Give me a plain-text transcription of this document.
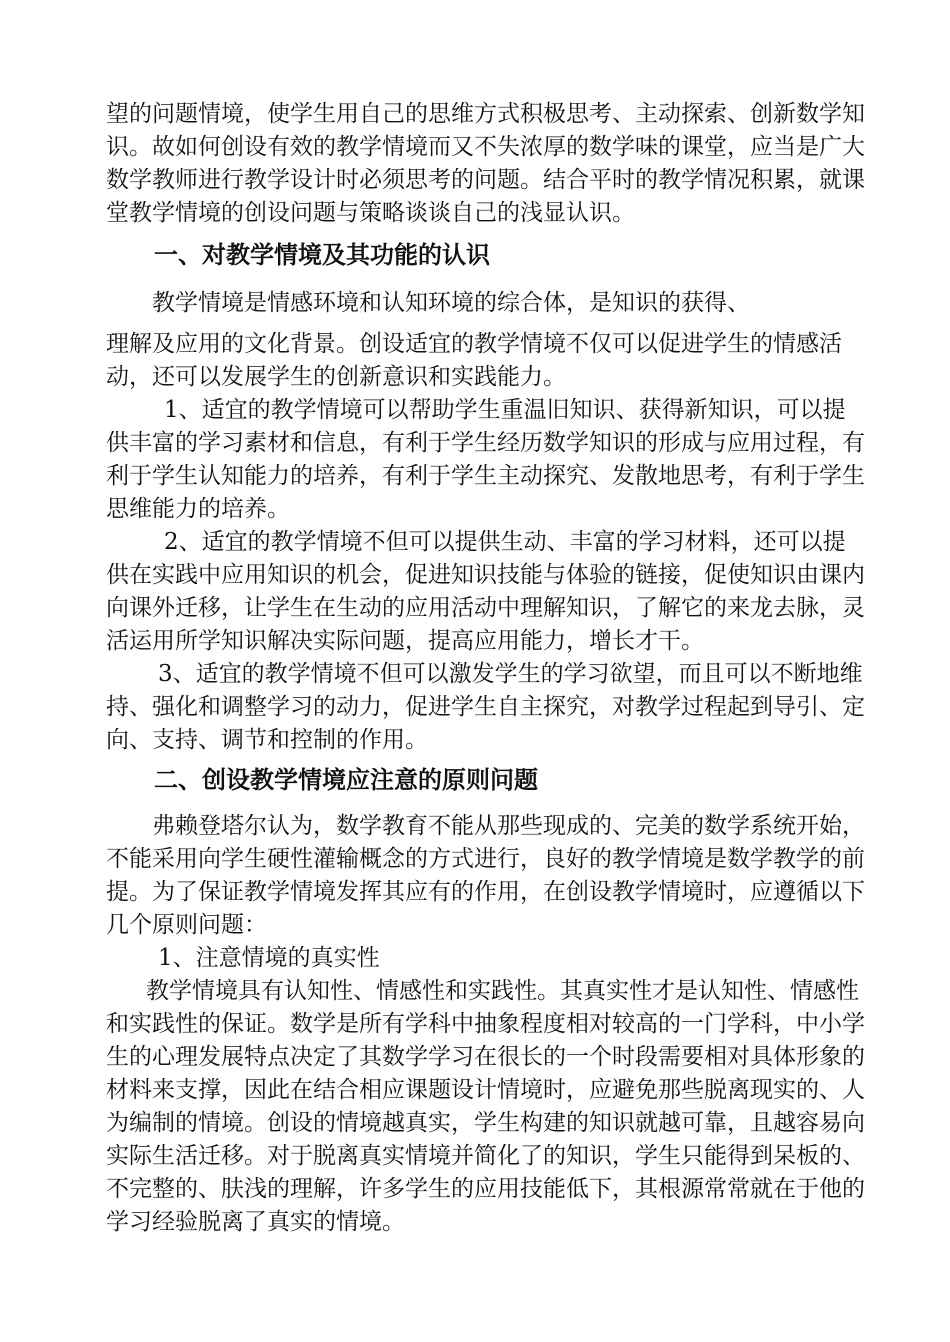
望的问题情境，使学生用自己的思维方式积极思考、主动探索、创新数学知识。故如何创设有效的教学情境而又不失浓厚的数学味的课堂，应当是广大数学教师进行教学设计时必须思考的问题。结合平时的教学情况积累，就课堂教学情境的创设问题与策略谈谈自己的浅显认识。

一、对教学情境及其功能的认识

教学情境是情感环境和认知环境的综合体，是知识的获得、

理解及应用的文化背景。创设适宜的教学情境不仅可以促进学生的情感活动，还可以发展学生的创新意识和实践能力。

1、适宜的教学情境可以帮助学生重温旧知识、获得新知识，可以提供丰富的学习素材和信息，有利于学生经历数学知识的形成与应用过程，有利于学生认知能力的培养，有利于学生主动探究、发散地思考，有利于学生思维能力的培养。

2、适宜的教学情境不但可以提供生动、丰富的学习材料，还可以提供在实践中应用知识的机会，促进知识技能与体验的链接，促使知识由课内向课外迁移，让学生在生动的应用活动中理解知识，了解它的来龙去脉，灵活运用所学知识解决实际问题，提高应用能力，增长才干。

3、适宜的教学情境不但可以激发学生的学习欲望，而且可以不断地维持、强化和调整学习的动力，促进学生自主探究，对教学过程起到导引、定向、支持、调节和控制的作用。

二、创设教学情境应注意的原则问题

弗赖登塔尔认为，数学教育不能从那些现成的、完美的数学系统开始，不能采用向学生硬性灌输概念的方式进行，良好的教学情境是数学教学的前提。为了保证教学情境发挥其应有的作用，在创设教学情境时，应遵循以下几个原则问题：

1、注意情境的真实性

教学情境具有认知性、情感性和实践性。其真实性才是认知性、情感性和实践性的保证。数学是所有学科中抽象程度相对较高的一门学科，中小学生的心理发展特点决定了其数学学习在很长的一个时段需要相对具体形象的材料来支撑，因此在结合相应课题设计情境时，应避免那些脱离现实的、人为编制的情境。创设的情境越真实，学生构建的知识就越可靠，且越容易向实际生活迁移。对于脱离真实情境并简化了的知识，学生只能得到呆板的、不完整的、肤浅的理解，许多学生的应用技能低下，其根源常常就在于他的学习经验脱离了真实的情境。
